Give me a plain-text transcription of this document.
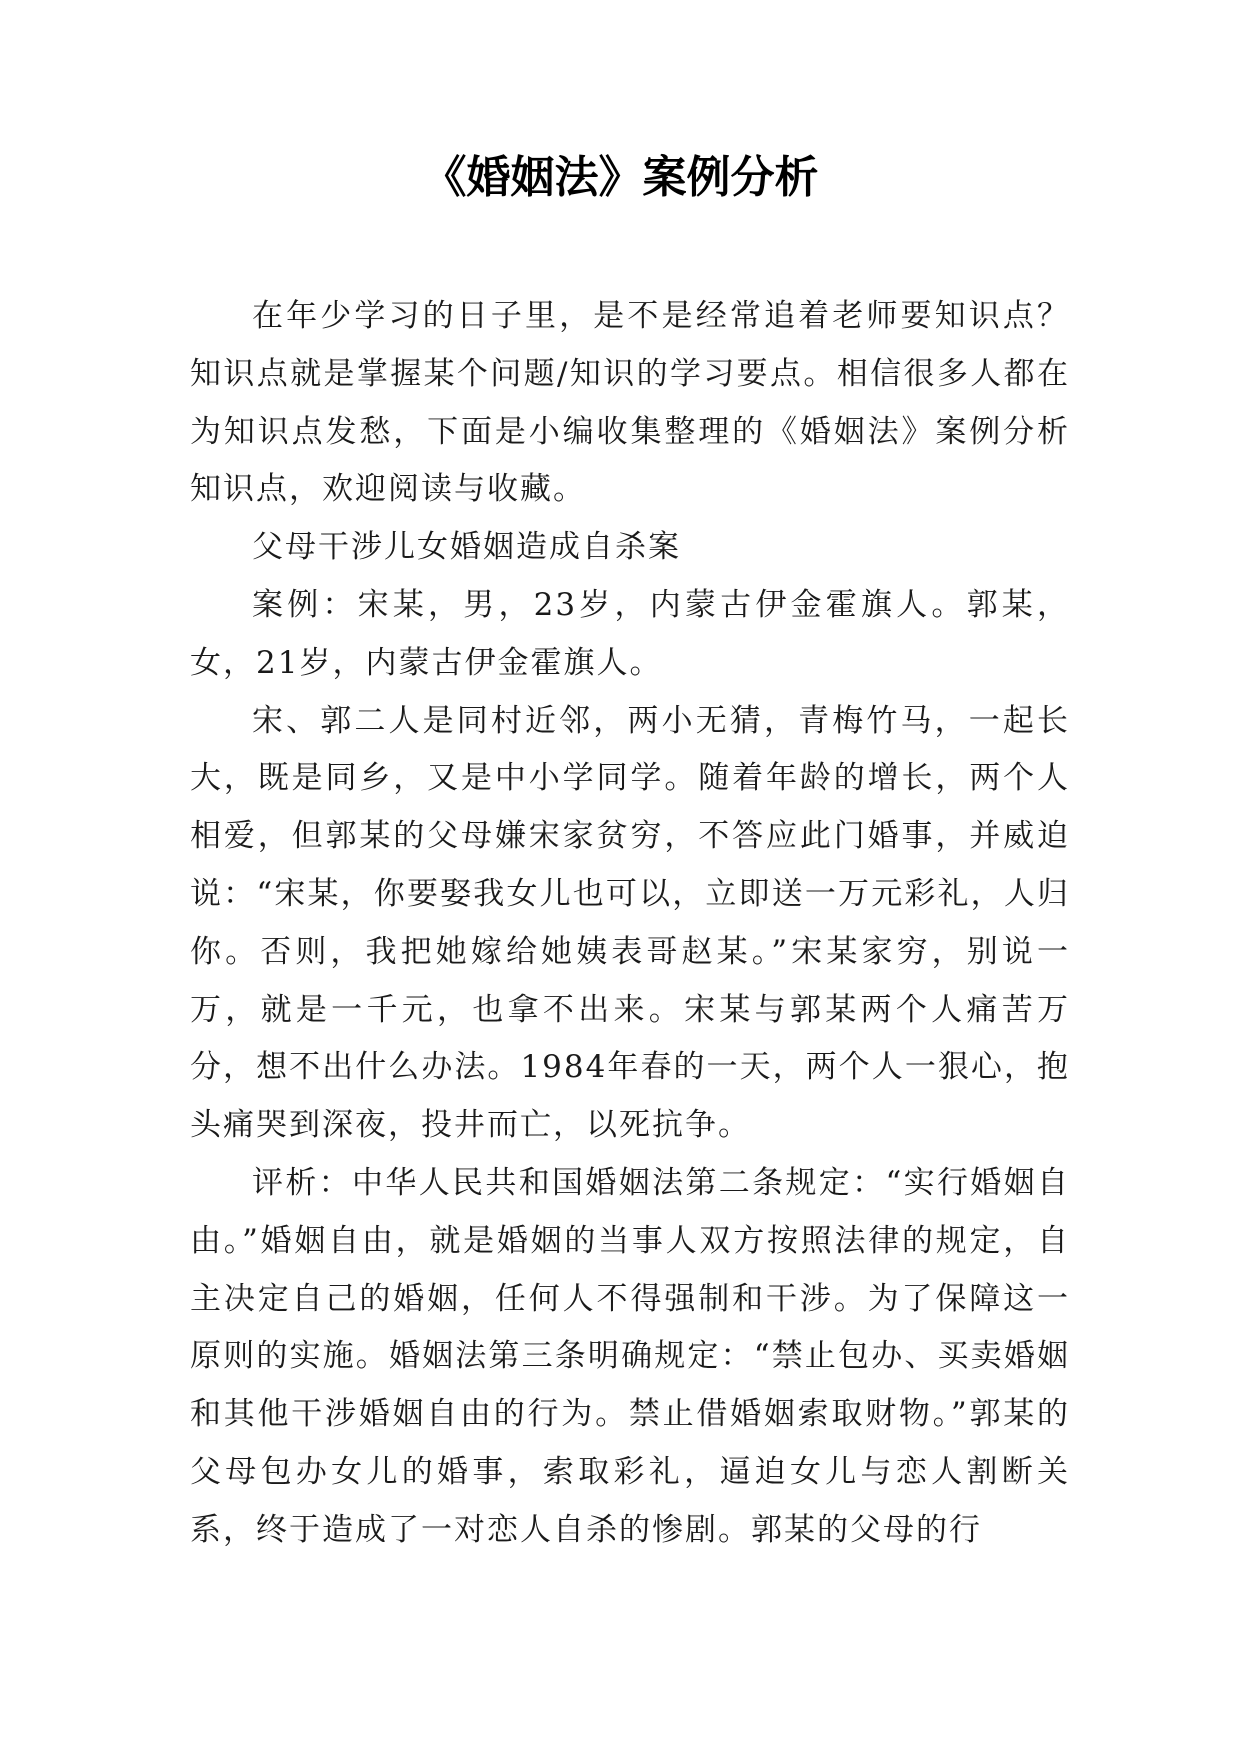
《婚姻法》案例分析

在年少学习的日子里，是不是经常追着老师要知识点？知识点就是掌握某个问题/知识的学习要点。相信很多人都在为知识点发愁，下面是小编收集整理的《婚姻法》案例分析知识点，欢迎阅读与收藏。

父母干涉儿女婚姻造成自杀案

案例：宋某，男，23岁，内蒙古伊金霍旗人。郭某，女，21岁，内蒙古伊金霍旗人。

宋、郭二人是同村近邻，两小无猜，青梅竹马，一起长大，既是同乡，又是中小学同学。随着年龄的增长，两个人相爱，但郭某的父母嫌宋家贫穷，不答应此门婚事，并威迫说：“宋某，你要娶我女儿也可以，立即送一万元彩礼，人归你。否则，我把她嫁给她姨表哥赵某。”宋某家穷，别说一万，就是一千元，也拿不出来。宋某与郭某两个人痛苦万分，想不出什么办法。1984年春的一天，两个人一狠心，抱头痛哭到深夜，投井而亡，以死抗争。

评析：中华人民共和国婚姻法第二条规定：“实行婚姻自由。”婚姻自由，就是婚姻的当事人双方按照法律的规定，自主决定自己的婚姻，任何人不得强制和干涉。为了保障这一原则的实施。婚姻法第三条明确规定：“禁止包办、买卖婚姻和其他干涉婚姻自由的行为。禁止借婚姻索取财物。”郭某的父母包办女儿的婚事，索取彩礼，逼迫女儿与恋人割断关系，终于造成了一对恋人自杀的惨剧。郭某的父母的行
